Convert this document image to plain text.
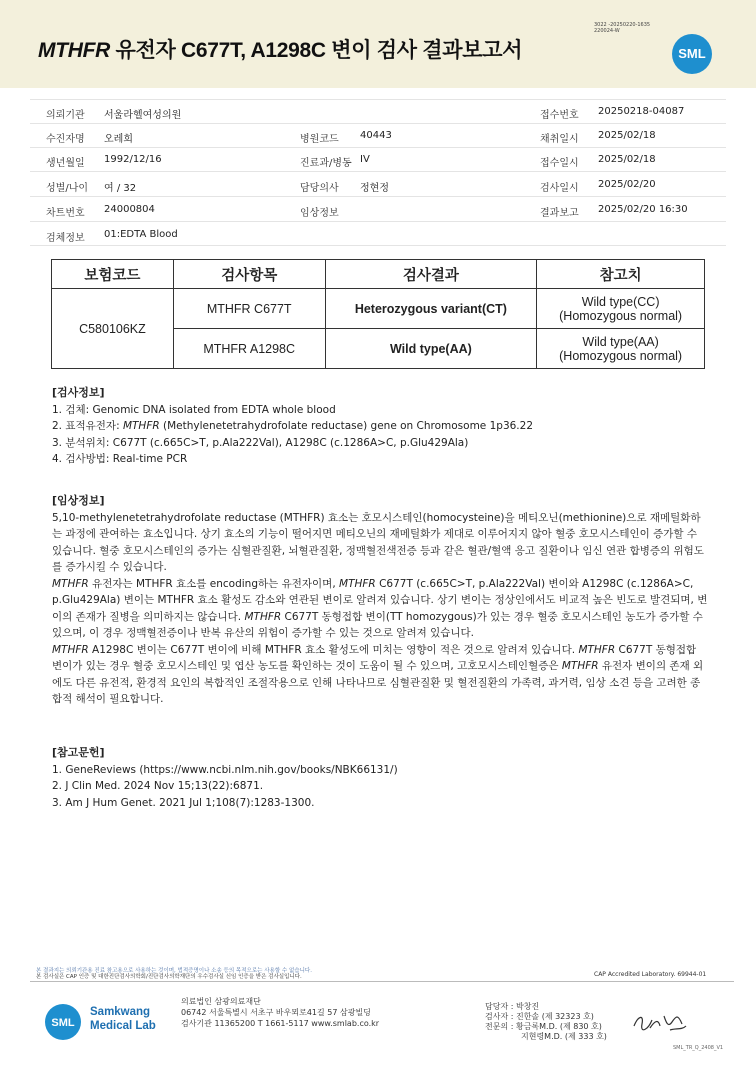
MTHFR 유전자 C677T, A1298C 변이 검사 결과보고서
3022 -20250220-1635
220024-W
SML
의뢰기관 서울라헬여성의원	접수번호 20250218-04087
수진자명 오레희	병원코드 40443	채취일시 2025/02/18
생년월일 1992/12/16	진료과/병동 IV	접수일시 2025/02/18
성별/나이 여 / 32	담당의사 정현정	검사일시 2025/02/20
차트번호 24000804	임상정보	결과보고 2025/02/20 16:30
검체정보 01:EDTA Blood
보험코드	검사항목	검사결과	참고치
C580106KZ	MTHFR C677T	Heterozygous variant(CT)	Wild type(CC)
(Homozygous normal)

	MTHFR A1298C	Wild type(AA)	Wild type(AA)
(Homozygous normal)
[검사정보]

1. 검체: Genomic DNA isolated from EDTA whole blood

2. 표적유전자: MTHFR (Methylenetetrahydrofolate reductase) gene on Chromosome 1p36.22

3. 분석위치: C677T (c.665C>T, p.Ala222Val), A1298C (c.1286A>C, p.Glu429Ala)

4. 검사방법: Real-time PCR

[임상정보]

5,10-methylenetetrahydrofolate reductase (MTHFR) 효소는 호모시스테인(homocysteine)을 메티오닌(methionine)으로 재메틸화하는 과정에 관여하는 효소입니다. 상기 효소의 기능이 떨어지면 메티오닌의 재메틸화가 제대로 이루어지지 않아 혈중 호모시스테인이 증가할 수 있습니다. 혈중 호모시스테인의 증가는 심혈관질환, 뇌혈관질환, 정맥혈전색전증 등과 같은 혈관/혈액 응고 질환이나 임신 연관 합병증의 위험도를 증가시킬 수 있습니다.

MTHFR 유전자는 MTHFR 효소를 encoding하는 유전자이며, MTHFR C677T (c.665C>T, p.Ala222Val) 변이와 A1298C (c.1286A>C, p.Glu429Ala) 변이는 MTHFR 효소 활성도 감소와 연관된 변이로 알려져 있습니다. 상기 변이는 정상인에서도 비교적 높은 빈도로 발견되며, 변이의 존재가 질병을 의미하지는 않습니다. MTHFR C677T 동형접합 변이(TT homozygous)가 있는 경우 혈중 호모시스테인 농도가 증가할 수 있으며, 이 경우 정맥혈전증이나 반복 유산의 위험이 증가할 수 있는 것으로 알려져 있습니다.

MTHFR A1298C 변이는 C677T 변이에 비해 MTHFR 효소 활성도에 미치는 영향이 적은 것으로 알려져 있습니다. MTHFR C677T 동형접합 변이가 있는 경우 혈중 호모시스테인 및 엽산 농도를 확인하는 것이 도움이 될 수 있으며, 고호모시스테인혈증은 MTHFR 유전자 변이의 존재 외에도 다른 유전적, 환경적 요인의 복합적인 조절작용으로 인해 나타나므로 심혈관질환 및 혈전질환의 가족력, 과거력, 임상 소견 등을 고려한 종합적 해석이 필요합니다.

[참고문헌]

1. GeneReviews (https://www.ncbi.nlm.nih.gov/books/NBK66131/)

2. J Clin Med. 2024 Nov 15;13(22):6871.

3. Am J Hum Genet. 2021 Jul 1;108(7):1283-1300.

본 결과지는 의뢰기관용 진료 참고용으로 사용하는 것이며, 법적증명이나 소송 등의 목적으로는 사용할 수 없습니다.
본 검사실은 CAP 인증 및 대한진단검사의학회/진단검사의학재단의 우수검사실 신임 인증을 받은 검사실입니다.	CAP Accredited Laboratory. 69944-01
SML
Samkwang
Medical Lab
의료법인 삼광의료재단
06742 서울특별시 서초구 바우뫼로41길 57 삼광빌딩
검사기관 11365200 T 1661-5117 www.smlab.co.kr
담당자 : 박창진
검사자 : 진한솔 (제 32323 호)
전문의 : 황금록M.D. (제 830 호)
지현령M.D. (제 333 호)
SML_TR_Q_2408_V1
